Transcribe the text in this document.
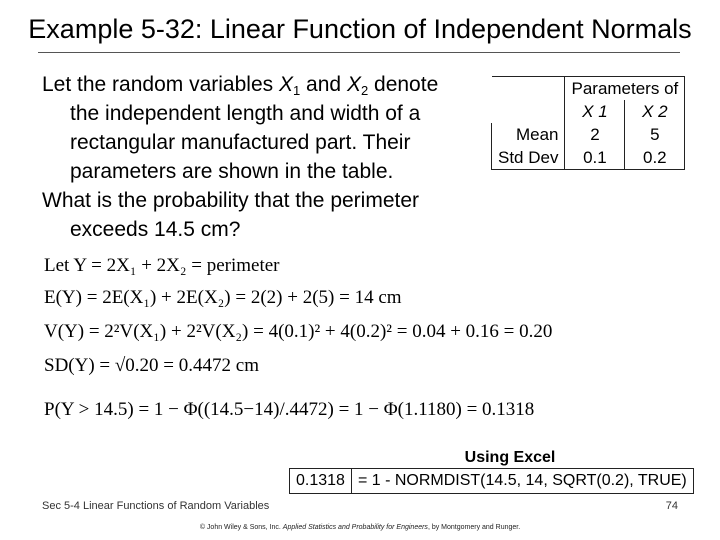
Example 5-32: Linear Function of Independent Normals

Let the random variables $X_1$ and $X_2$ denote the independent length and width of a rectangular manufactured part. Their parameters are shown in the table.

What is the probability that the perimeter exceeds 14.5 cm?

	Parameters of	
	X 1	X 2
Mean	2	5
Std Dev	0.1	0.2
Let Y = 2X₁ + 2X₂ = perimeter
E(Y) = 2E(X₁) + 2E(X₂) = 2(2) + 2(5) = 14 cm
V(Y) = 2²V(X₁) + 2²V(X₂) = 4(0.1)² + 4(0.2)² = 0.04 + 0.16 = 0.20
SD(Y) = √0.20 = 0.4472 cm
P(Y > 14.5) = 1 − Φ((14.5−14)/.4472) = 1 − Φ(1.1180) = 0.1318
Using Excel
0.1318	= 1 - NORMDIST(14.5, 14, SQRT(0.2), TRUE)
Sec 5-4 Linear Functions of Random Variables	74
© John Wiley & Sons, Inc. Applied Statistics and Probability for Engineers, by Montgomery and Runger.
